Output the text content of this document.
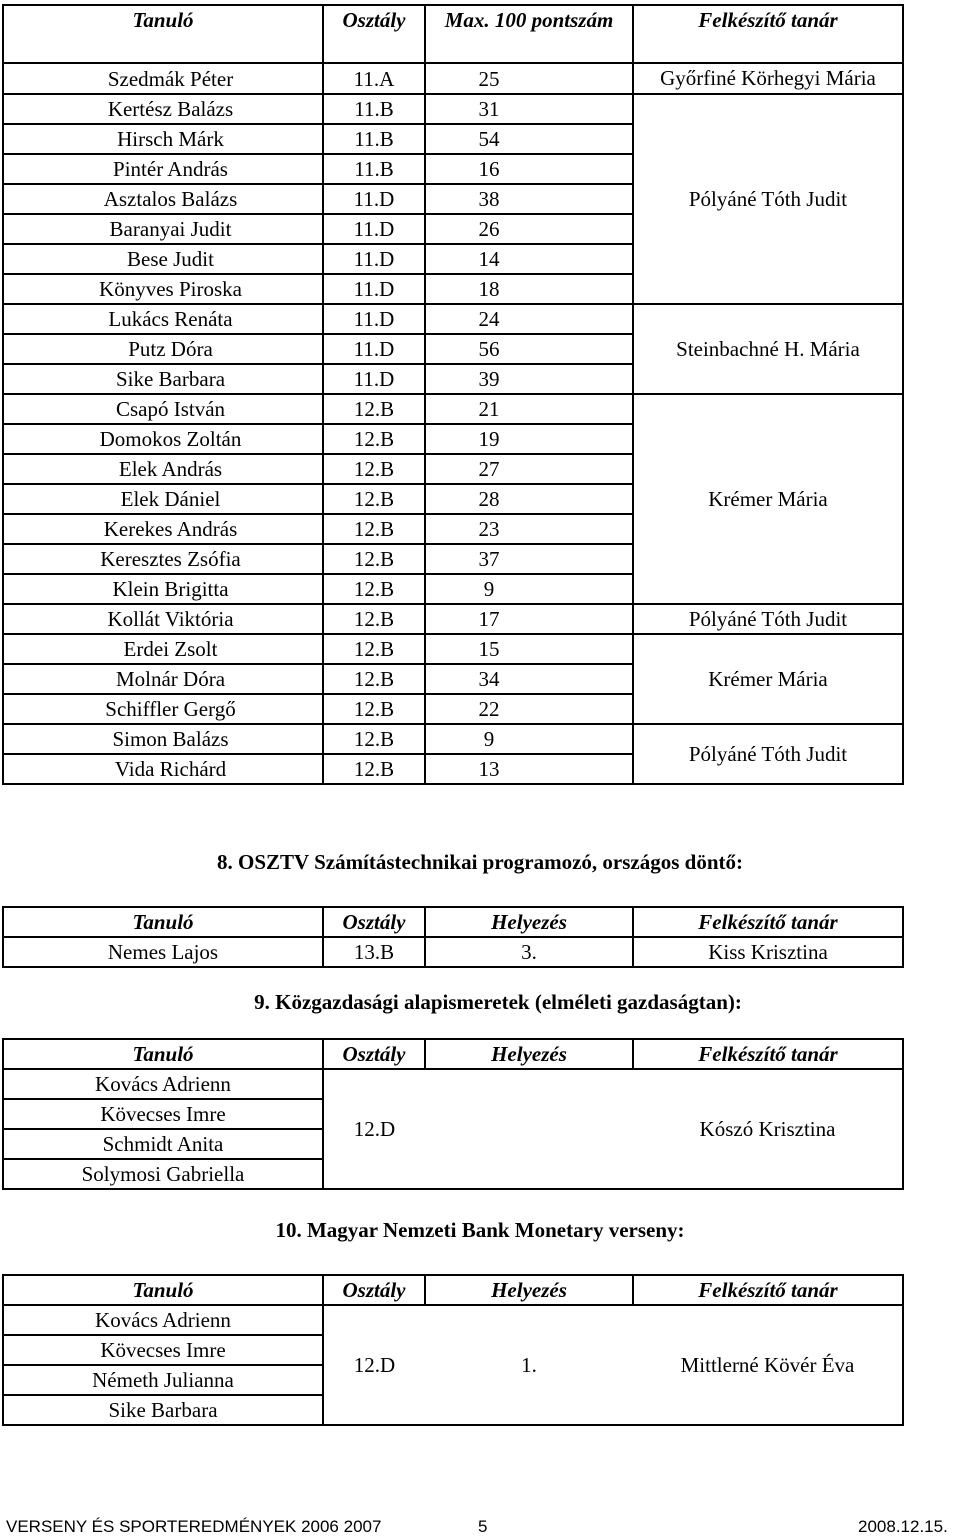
Tanuló	Osztály	Max. 100 pontszám	Felkészítő tanár
Szedmák Péter	11.A	25	Győrfiné Körhegyi Mária
Kertész Balázs	11.B	31	Pólyáné Tóth Judit
Hirsch Márk	11.B	54	
Pintér András	11.B	16	
Asztalos Balázs	11.D	38	
Baranyai Judit	11.D	26	
Bese Judit	11.D	14	
Könyves Piroska	11.D	18	
Lukács Renáta	11.D	24	Steinbachné H. Mária
Putz Dóra	11.D	56	
Sike Barbara	11.D	39	
Csapó István	12.B	21	Krémer Mária
Domokos Zoltán	12.B	19	
Elek András	12.B	27	
Elek Dániel	12.B	28	
Kerekes András	12.B	23	
Keresztes Zsófia	12.B	37	
Klein Brigitta	12.B	9	
Kollát Viktória	12.B	17	Pólyáné Tóth Judit
Erdei Zsolt	12.B	15	Krémer Mária
Molnár Dóra	12.B	34	
Schiffler Gergő	12.B	22	
Simon Balázs	12.B	9	Pólyáné Tóth Judit
Vida Richárd	12.B	13	
8. OSZTV Számítástechnikai programozó, országos döntő:
Tanuló	Osztály	Helyezés	Felkészítő tanár
Nemes Lajos	13.B	3.	Kiss Krisztina
9. Közgazdasági alapismeretek (elméleti gazdaságtan):
Tanuló	Osztály	Helyezés	Felkészítő tanár
Kovács Adrienn	12.D		Kószó Krisztina
Kövecses Imre			
Schmidt Anita			
Solymosi Gabriella			
10. Magyar Nemzeti Bank Monetary verseny:
Tanuló	Osztály	Helyezés	Felkészítő tanár
Kovács Adrienn	12.D	1.	Mittlerné Kövér Éva
Kövecses Imre			
Németh Julianna			
Sike Barbara			
VERSENY ÉS SPORTEREDMÉNYEK 2006 2007	5	2008.12.15.
